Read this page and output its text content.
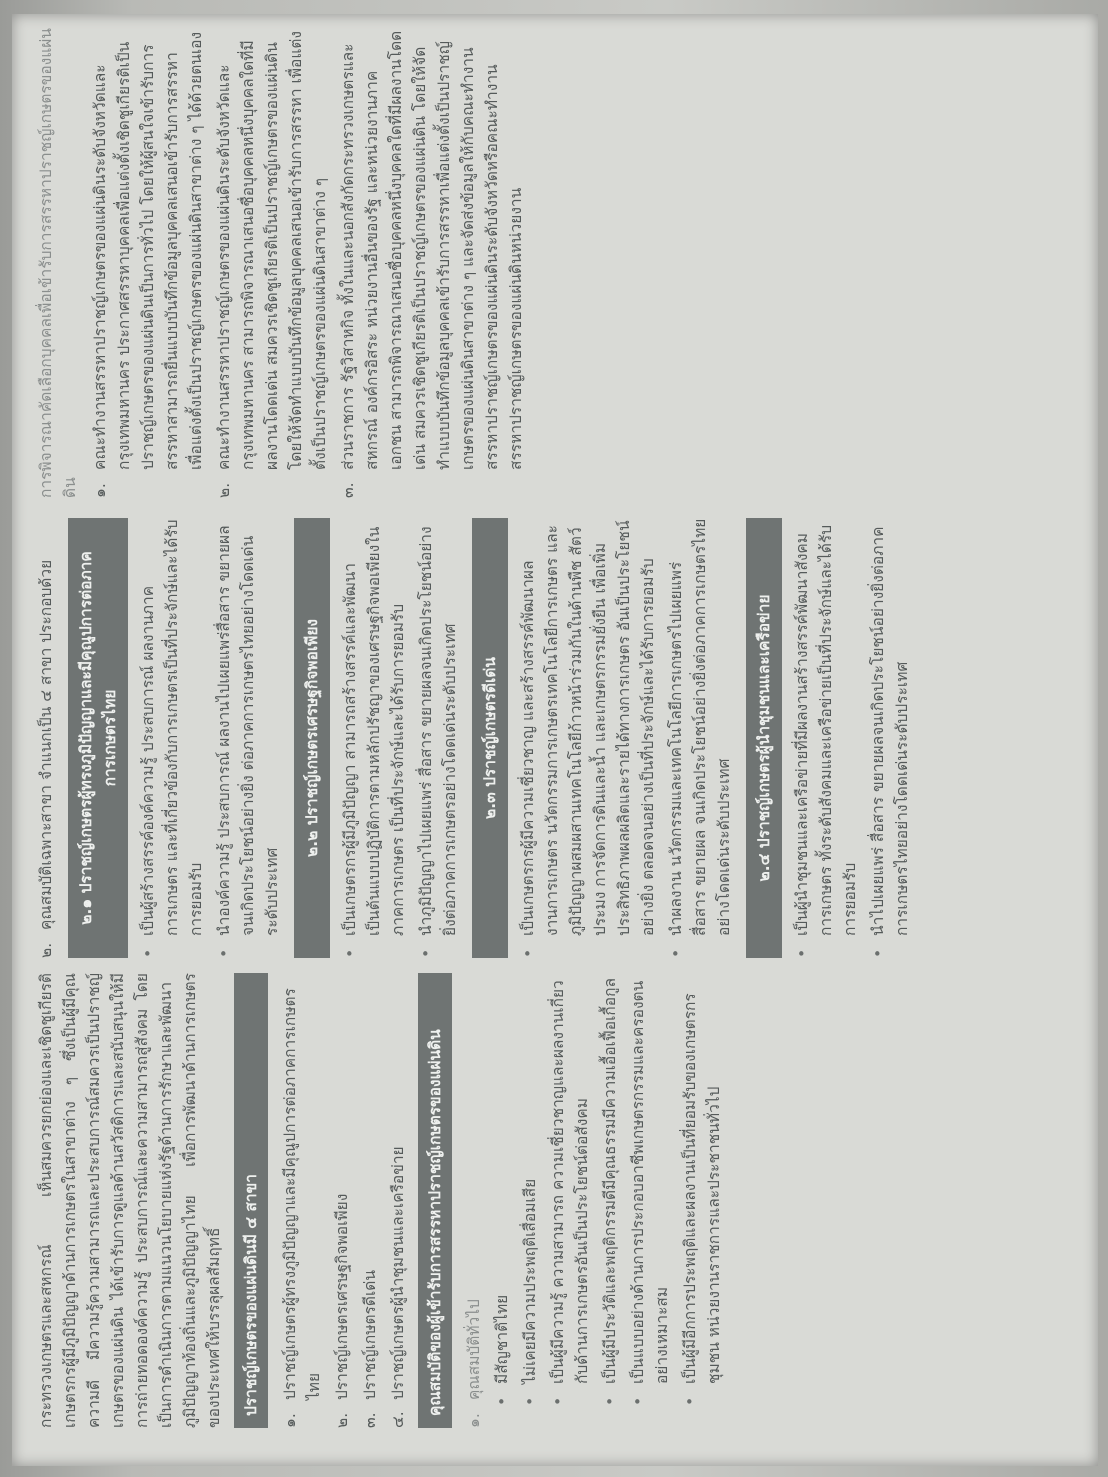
กระทรวงเกษตรและสหกรณ์ เห็นสมควรยกย่องและเชิดชูเกียรติเกษตรกรผู้มีภูมิปัญญาด้านการเกษตรในสาขาต่าง ๆ ซึ่งเป็นผู้มีคุณความดี มีความรู้ความสามารถและประสบการณ์สมควรเป็นปราชญ์เกษตรของแผ่นดิน ได้เข้ารับการดูแลด้านสวัสดิการและสนับสนุนให้มีการถ่ายทอดองค์ความรู้ ประสบการณ์และความสามารถสู่สังคม โดยเป็นการดำเนินการตามแนวนโยบายแห่งรัฐด้านการรักษาและพัฒนาภูมิปัญญาท้องถิ่นและภูมิปัญญาไทย เพื่อการพัฒนาด้านการเกษตรของประเทศให้บรรลุผลสัมฤทธิ์	ปราชญ์เกษตรของแผ่นดินมี ๔ สาขา
๑.
ปราชญ์เกษตรผู้ทรงภูมิปัญญาและมีคุณูปการต่อภาคการเกษตรไทย
๒.
ปราชญ์เกษตรเศรษฐกิจพอเพียง
๓.
ปราชญ์เกษตรดีเด่น
๔.
ปราชญ์เกษตรผู้นำชุมชนและเครือข่าย	คุณสมบัติของผู้เข้ารับการสรรหาปราชญ์เกษตรของแผ่นดิน
๑.
คุณสมบัติทั่วไป
• มีสัญชาติไทย
• ไม่เคยมีความประพฤติเสื่อมเสีย
• เป็นผู้มีความรู้ ความสามารถ ความเชี่ยวชาญและผลงานเกี่ยวกับด้านการเกษตรอันเป็นประโยชน์ต่อสังคม
• เป็นผู้มีประวัติและพฤติกรรมดีมีคุณธรรมมีความเอื้อเฟื้อเกื้อกูล
• เป็นแบบอย่างด้านการประกอบอาชีพเกษตรกรรมและครองตนอย่างเหมาะสม
• เป็นผู้มีอีกการประพฤติและผลงานเป็นที่ยอมรับของเกษตรกร ชุมชน หน่วยงานราชการและประชาชนทั่วไป
๒.
คุณสมบัติเฉพาะสาขา จำแนกเป็น ๔ สาขา ประกอบด้วย	๒.๑ ปราชญ์เกษตรผู้ทรงภูมิปัญญาและมีคุณูปการต่อภาคการเกษตรไทย
•	เป็นผู้สร้างสรรค์องค์ความรู้ ประสบการณ์ ผลงานภาคการเกษตร และที่เกี่ยวข้องกับการเกษตรเป็นที่ประจักษ์และได้รับการยอมรับ
• นำองค์ความรู้ ประสบการณ์ ผลงานไปเผยแพร่สื่อสาร ขยายผลจนเกิดประโยชน์อย่างยิ่ง ต่อภาคการเกษตรไทยอย่างโดดเด่นระดับประเทศ
๒.๒ ปราชญ์เกษตรเศรษฐกิจพอเพียง
•	เป็นเกษตรกรผู้มีภูมิปัญญา สามารถสร้างสรรค์และพัฒนาเป็นต้นแบบปฏิบัติการตามหลักปรัชญาของเศรษฐกิจพอเพียงในภาคการเกษตร เป็นที่ประจักษ์และได้รับการยอมรับ
• นำภูมิปัญญาไปเผยแพร่ สื่อสาร ขยายผลจนเกิดประโยชน์อย่างยิ่งต่อภาคการเกษตรอย่างโดดเด่นระดับประเทศ	๒.๓ ปราชญ์เกษตรดีเด่น
•	เป็นเกษตรกรผู้มีความเชี่ยวชาญ และสร้างสรรค์พัฒนาผลงานการเกษตร นวัตกรรมการเกษตรเทคโนโลยีการเกษตร และภูมิปัญญาผสมผสานเทคโนโลยีก้าวหน้าร่วมกันในด้านพืช สัตว์ ประมง การจัดการดินและน้ำ และเกษตรกรรมยั่งยืน เพื่อเพิ่มประสิทธิภาพผลผลิตและรายได้ทางการเกษตร อันเป็นประโยชน์อย่างยิ่ง ตลอดจนอย่างเป็นที่ประจักษ์และได้รับการยอมรับ
• นำผลงาน นวัตกรรมและเทคโนโลยีการเกษตรไปเผยแพร่ สื่อสาร ขยายผล จนเกิดประโยชน์อย่างยิ่งต่อภาคการเกษตรไทยอย่างโดดเด่นระดับประเทศ	๒.๔ ปราชญ์เกษตรผู้นำชุมชนและเครือข่าย
•	เป็นผู้นำชุมชนและเครือข่ายที่มีผลงานสร้างสรรค์พัฒนาสังคมการเกษตร ทั้งระดับสังคมและเครือข่ายเป็นที่ประจักษ์และได้รับการยอมรับ
• นำไปเผยแพร่ สื่อสาร ขยายผลจนเกิดประโยชน์อย่างยิ่งต่อภาคการเกษตรไทยอย่างโดดเด่นระดับประเทศ

การพิจารณาคัดเลือกบุคคลเพื่อเข้ารับการสรรหาปราชญ์เกษตรของแผ่นดิน ๑.
คณะทำงานสรรหาปราชญ์เกษตรของแผ่นดินระดับจังหวัดและกรุงเทพมหานคร ประกาศสรรหาบุคคลเพื่อแต่งตั้งเชิดชูเกียรติเป็นปราชญ์เกษตรของแผ่นดินเป็นการทั่วไป โดยให้ผู้สนใจเข้ารับการสรรหาสามารถยื่นแบบบันทึกข้อมูลบุคคลเสนอเข้ารับการสรรหา เพื่อแต่งตั้งเป็นปราชญ์เกษตรของแผ่นดินสาขาต่าง ๆ ได้ด้วยตนเอง
๒.
คณะทำงานสรรหาปราชญ์เกษตรของแผ่นดินระดับจังหวัดและกรุงเทพมหานคร สามารถพิจารณาเสนอชื่อบุคคลหนึ่งบุคคลใดที่มีผลงานโดดเด่น สมควรเชิดชูเกียรติเป็นปราชญ์เกษตรของแผ่นดิน โดยให้จัดทำแบบบันทึกข้อมูลบุคคลเสนอเข้ารับการสรรหา เพื่อแต่งตั้งเป็นปราชญ์เกษตรของแผ่นดินสาขาต่าง ๆ
๓.
ส่วนราชการ รัฐวิสาหกิจ ทั้งในและนอกสังกัดกระทรวงเกษตรและสหกรณ์ องค์กรอิสระ หน่วยงานอื่นของรัฐ และหน่วยงานภาคเอกชน สามารถพิจารณาเสนอชื่อบุคคลหนึ่งบุคคลใดที่มีผลงานโดดเด่น สมควรเชิดชูเกียรติเป็นปราชญ์เกษตรของแผ่นดิน โดยให้จัดทำแบบบันทึกข้อมูลบุคคลเข้ารับการสรรหาเพื่อแต่งตั้งเป็นปราชญ์เกษตรของแผ่นดินสาขาต่าง ๆ และจัดส่งข้อมูลให้กับคณะทำงานสรรหาปราชญ์เกษตรของแผ่นดินระดับจังหวัดหรือคณะทำงานสรรหาปราชญ์เกษตรของแผ่นดินหน่วยงาน
